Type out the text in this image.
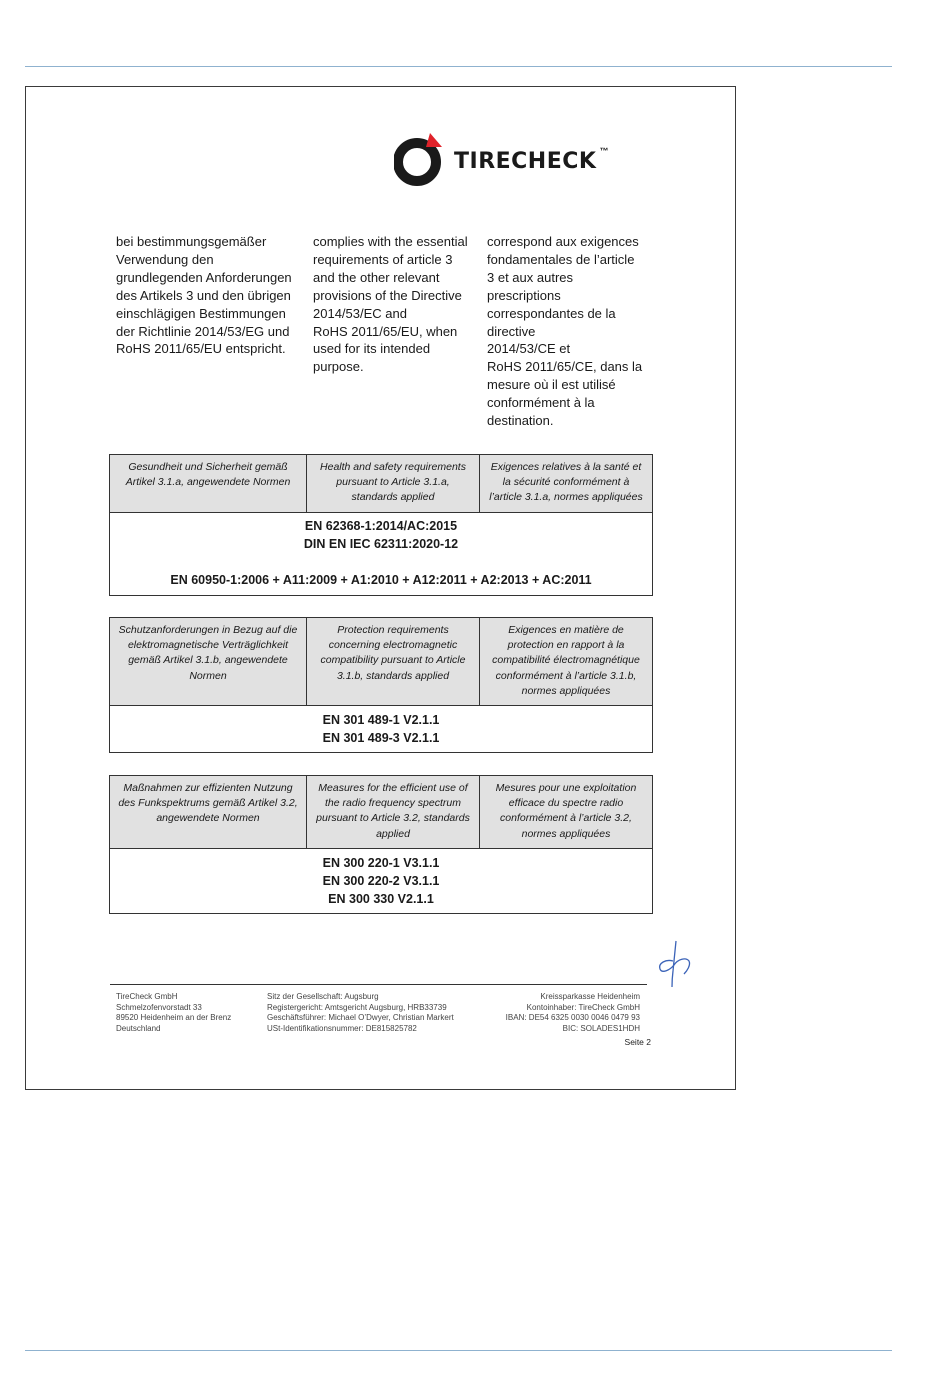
TIRECHECK ™
bei bestimmungsgemäßer
Verwendung den
grundlegenden Anforderungen
des Artikels 3 und den übrigen
einschlägigen Bestimmungen
der Richtlinie 2014/53/EG und
RoHS 2011/65/EU entspricht.
complies with the essential
requirements of article 3
and the other relevant
provisions of the Directive
2014/53/EC and
RoHS 2011/65/EU, when
used for its intended
purpose.
correspond aux exigences
fondamentales de l’article
3 et aux autres
prescriptions
correspondantes de la
directive
2014/53/CE et
RoHS 2011/65/CE, dans la
mesure où il est utilisé
conformément à la
destination.
Gesundheit und Sicherheit gemäß
Artikel 3.1.a, angewendete Normen	Health and safety requirements
pursuant to Article 3.1.a,
standards applied	Exigences relatives à la santé et
la sécurité conformément à
l’article 3.1.a, normes appliquées
EN 62368-1:2014/AC:2015
DIN EN IEC 62311:2020-12

EN 60950-1:2006 + A11:2009 + A1:2010 + A12:2011 + A2:2013 + AC:2011
Schutzanforderungen in Bezug auf die
elektromagnetische Verträglichkeit
gemäß Artikel 3.1.b, angewendete
Normen	Protection requirements
concerning electromagnetic
compatibility pursuant to Article
3.1.b, standards applied	Exigences en matière de
protection en rapport à la
compatibilité électromagnétique
conformément à l’article 3.1.b,
normes appliquées
EN 301 489-1 V2.1.1
EN 301 489-3 V2.1.1
Maßnahmen zur effizienten Nutzung
des Funkspektrums gemäß Artikel 3.2,
angewendete Normen	Measures for the efficient use of
the radio frequency spectrum
pursuant to Article 3.2, standards
applied	Mesures pour une exploitation
efficace du spectre radio
conformément à l’article 3.2,
normes appliquées
EN 300 220-1 V3.1.1
EN 300 220-2 V3.1.1
EN 300 330 V2.1.1
TireCheck GmbH
Schmelzofenvorstadt 33
89520 Heidenheim an der Brenz
Deutschland
Sitz der Gesellschaft: Augsburg
Registergericht: Amtsgericht Augsburg, HRB33739
Geschäftsführer: Michael O’Dwyer, Christian Markert
USt-Identifikationsnummer: DE815825782
Kreissparkasse Heidenheim
Kontoinhaber: TireCheck GmbH
IBAN: DE54 6325 0030 0046 0479 93
BIC: SOLADES1HDH
Seite 2
